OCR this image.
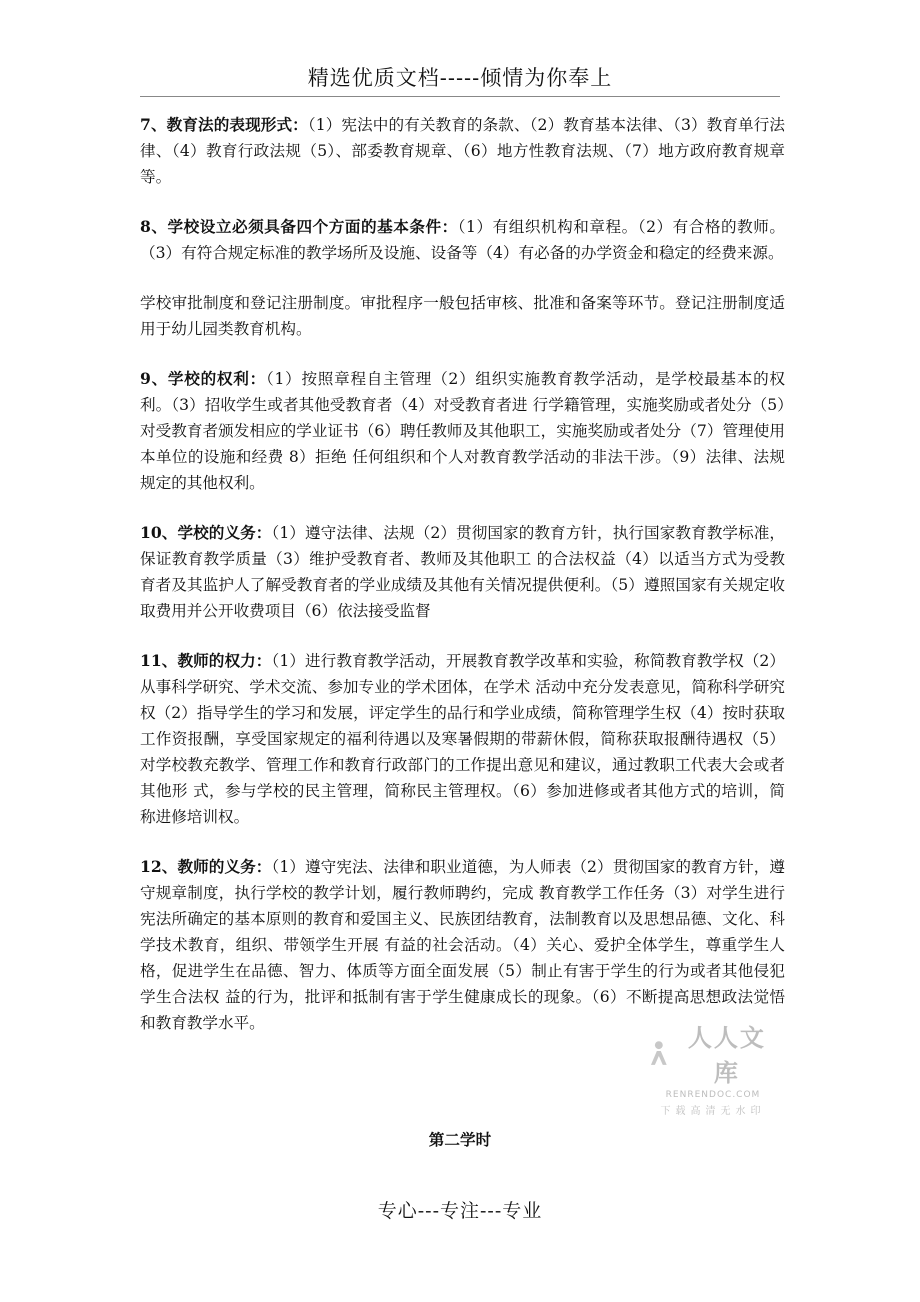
精选优质文档-----倾情为你奉上

7、教育法的表现形式：（1）宪法中的有关教育的条款、（2）教育基本法律、（3）教育单行法律、（4）教育行政法规（5）、部委教育规章、（6）地方性教育法规、（7）地方政府教育规章等。

8、学校设立必须具备四个方面的基本条件：（1）有组织机构和章程。（2）有合格的教师。（3）有符合规定标准的教学场所及设施、设备等（4）有必备的办学资金和稳定的经费来源。

学校审批制度和登记注册制度。审批程序一般包括审核、批准和备案等环节。登记注册制度适用于幼儿园类教育机构。

9、学校的权利：（1）按照章程自主管理（2）组织实施教育教学活动，是学校最基本的权利。（3）招收学生或者其他受教育者（4）对受教育者进 行学籍管理，实施奖励或者处分（5）对受教育者颁发相应的学业证书（6）聘任教师及其他职工，实施奖励或者处分（7）管理使用本单位的设施和经费 8）拒绝 任何组织和个人对教育教学活动的非法干涉。（9）法律、法规规定的其他权利。

10、学校的义务：（1）遵守法律、法规（2）贯彻国家的教育方针，执行国家教育教学标准，保证教育教学质量（3）维护受教育者、教师及其他职工 的合法权益（4）以适当方式为受教育者及其监护人了解受教育者的学业成绩及其他有关情况提供便利。（5）遵照国家有关规定收取费用并公开收费项目（6）依法接受监督

11、教师的权力：（1）进行教育教学活动，开展教育教学改革和实验，称简教育教学权（2）从事科学研究、学术交流、参加专业的学术团体，在学术 活动中充分发表意见，简称科学研究权（2）指导学生的学习和发展，评定学生的品行和学业成绩，简称管理学生权（4）按时获取工作资报酬，享受国家规定的福利待遇以及寒暑假期的带薪休假，简称获取报酬待遇权（5）对学校教充教学、管理工作和教育行政部门的工作提出意见和建议，通过教职工代表大会或者其他形 式，参与学校的民主管理，简称民主管理权。（6）参加进修或者其他方式的培训，简称进修培训权。

12、教师的义务：（1）遵守宪法、法律和职业道德，为人师表（2）贯彻国家的教育方针，遵守规章制度，执行学校的教学计划，履行教师聘约，完成 教育教学工作任务（3）对学生进行宪法所确定的基本原则的教育和爱国主义、民族团结教育，法制教育以及思想品德、文化、科学技术教育，组织、带领学生开展 有益的社会活动。（4）关心、爱护全体学生，尊重学生人格，促进学生在品德、智力、体质等方面全面发展（5）制止有害于学生的行为或者其他侵犯学生合法权 益的行为，批评和抵制有害于学生健康成长的现象。（6）不断提高思想政法觉悟和教育教学水平。

人人文库
RENRENDOC.COM
下载高清无水印
第二学时
专心---专注---专业
